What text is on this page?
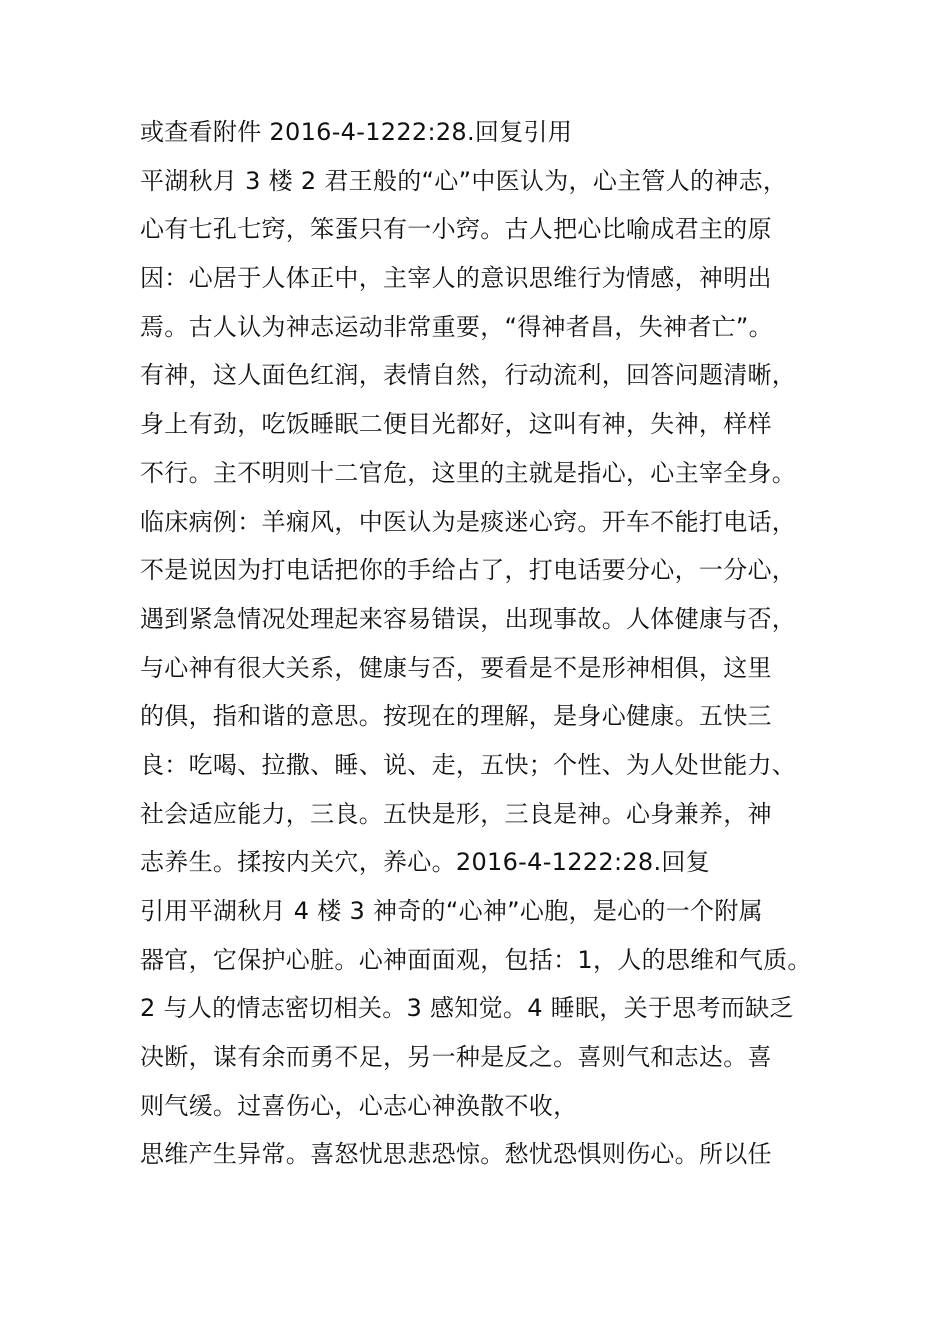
或查看附件 2016-4-1222:28.回复引用
平湖秋月 3 楼 2 君王般的“心”中医认为，心主管人的神志，
心有七孔七窍，笨蛋只有一小窍。古人把心比喻成君主的原
因：心居于人体正中，主宰人的意识思维行为情感，神明出
焉。古人认为神志运动非常重要，“得神者昌，失神者亡”。
有神，这人面色红润，表情自然，行动流利，回答问题清晰，
身上有劲，吃饭睡眠二便目光都好，这叫有神，失神，样样
不行。主不明则十二官危，这里的主就是指心，心主宰全身。
临床病例：羊痫风，中医认为是痰迷心窍。开车不能打电话，
不是说因为打电话把你的手给占了，打电话要分心，一分心，
遇到紧急情况处理起来容易错误，出现事故。人体健康与否，
与心神有很大关系，健康与否，要看是不是形神相俱，这里
的俱，指和谐的意思。按现在的理解，是身心健康。五快三
良：吃喝、拉撒、睡、说、走，五快；个性、为人处世能力、
社会适应能力，三良。五快是形，三良是神。心身兼养，神
志养生。揉按内关穴，养心。2016-4-1222:28.回复
引用平湖秋月 4 楼 3 神奇的“心神”心胞，是心的一个附属
器官，它保护心脏。心神面面观，包括：1，人的思维和气质。
2 与人的情志密切相关。3 感知觉。4 睡眠，关于思考而缺乏
决断，谋有余而勇不足，另一种是反之。喜则气和志达。喜
则气缓。过喜伤心，心志心神涣散不收，
思维产生异常。喜怒忧思悲恐惊。愁忧恐惧则伤心。所以任
